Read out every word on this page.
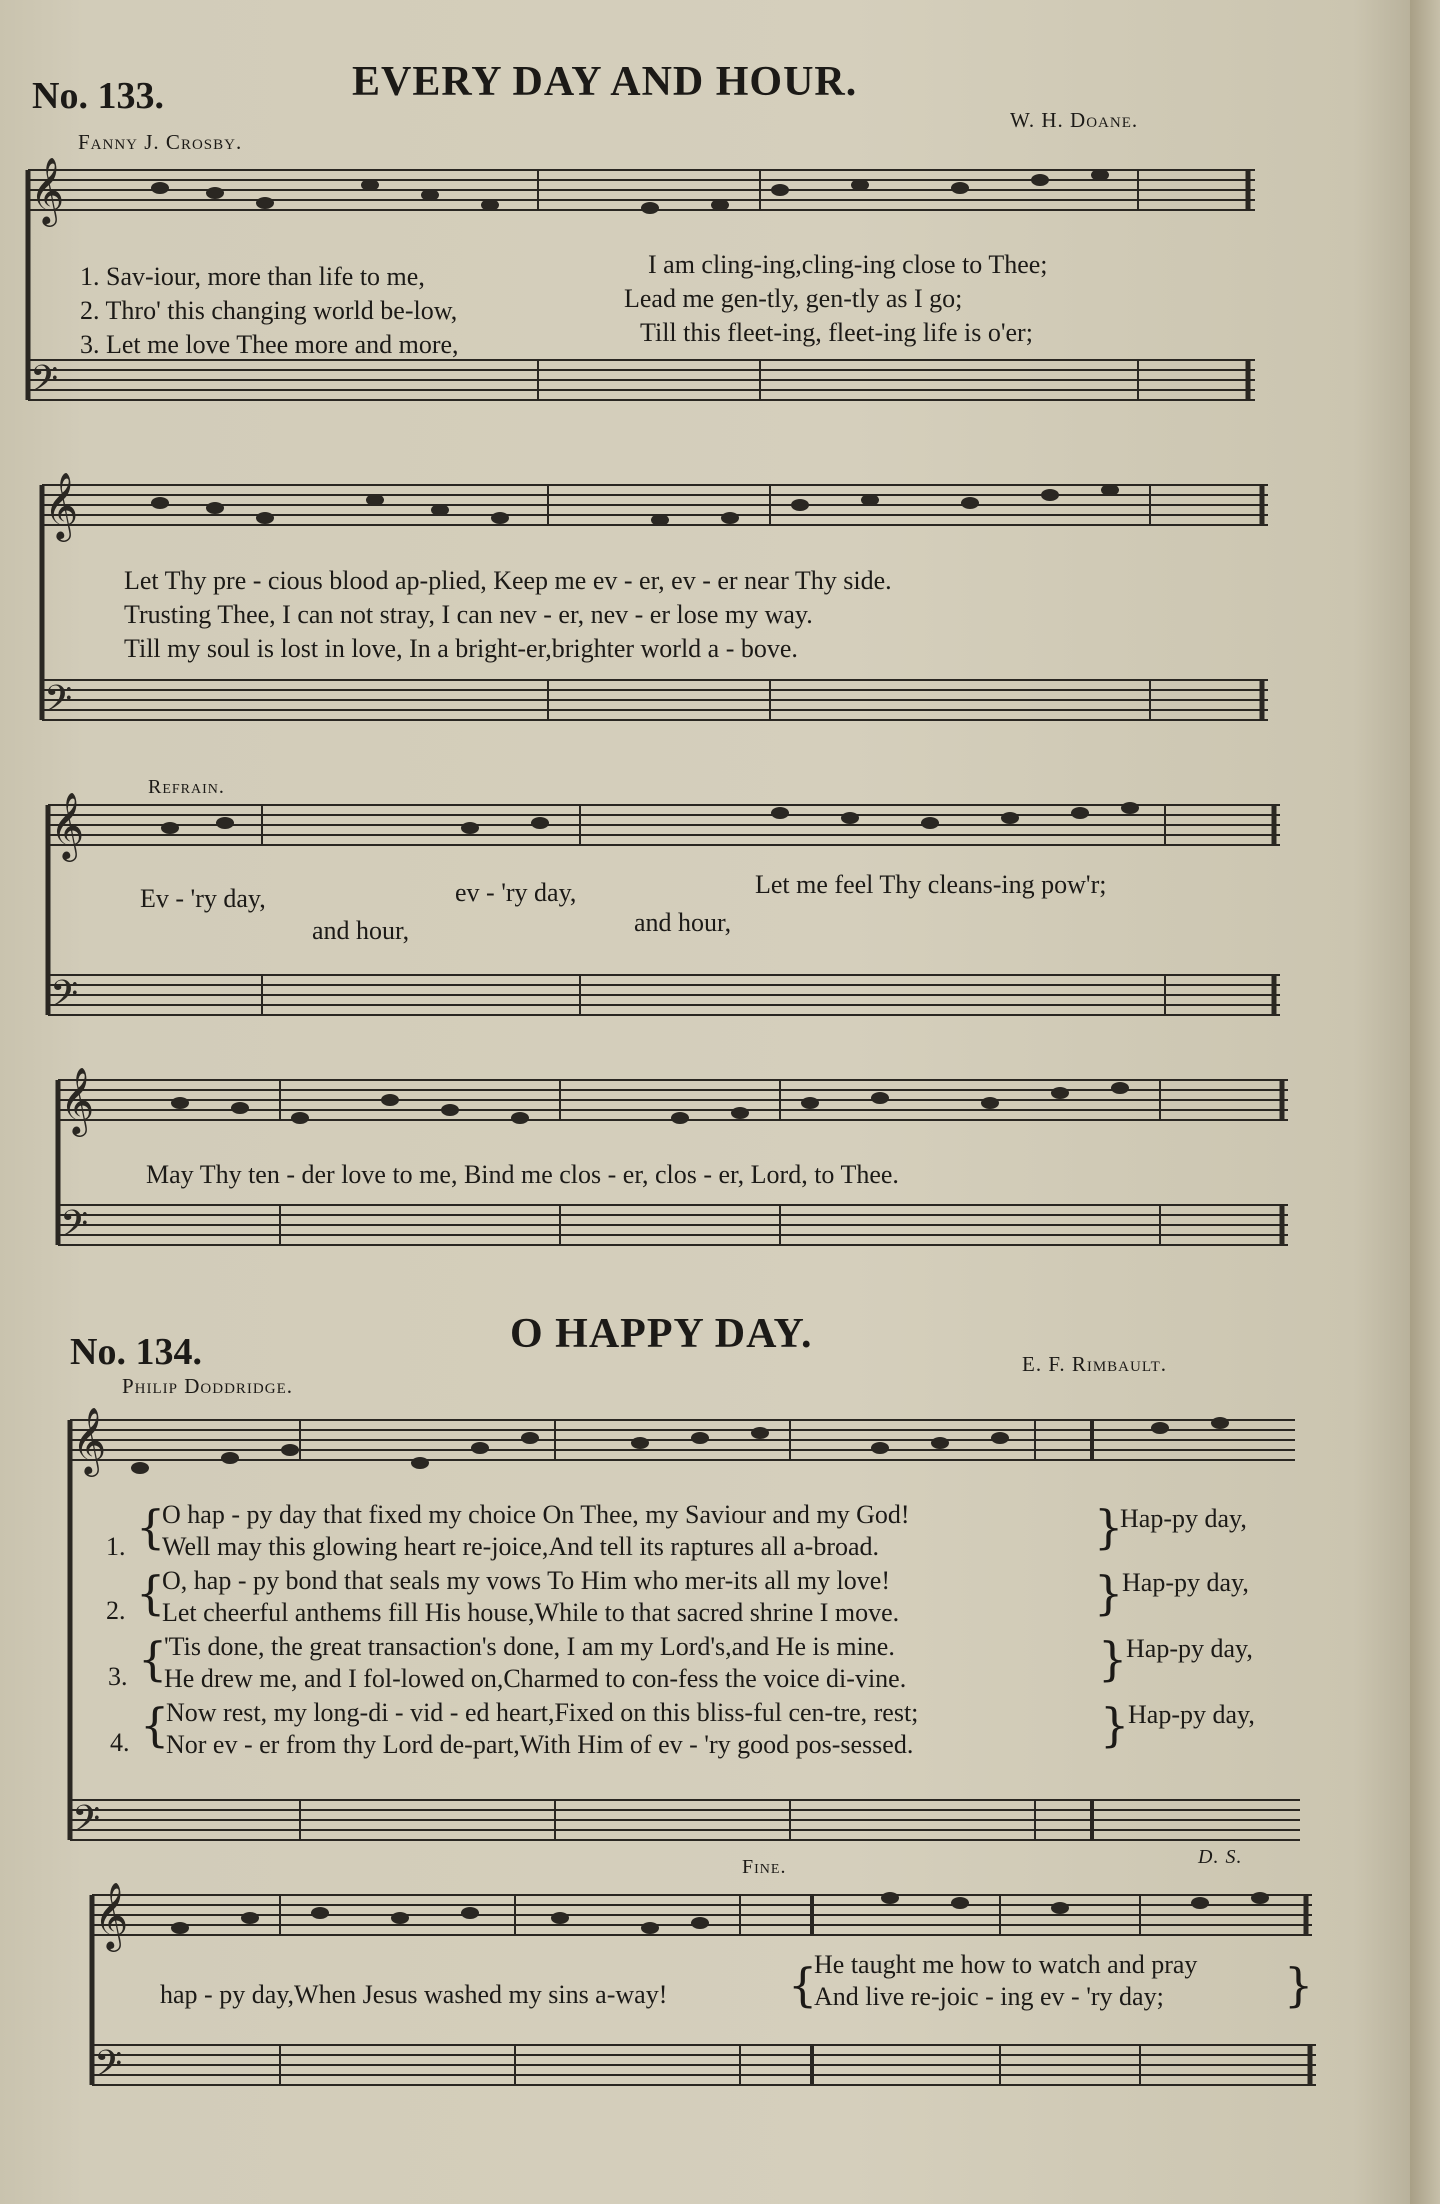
𝄞
𝄢
𝄞
𝄢
𝄞
𝄢
𝄞
𝄢
𝄞
𝄢
𝄞
𝄢
No. 133.	EVERY DAY AND HOUR.
Fanny J. Crosby.
W. H. Doane.
1. Sav-iour, more than life to me,	I am cling-ing,cling-ing close to Thee;
2. Thro' this changing world be-low,	Lead me gen-tly, gen-tly as I go;
3. Let me love Thee more and more,	Till this fleet-ing, fleet-ing life is o'er;
Let Thy pre - cious blood ap-plied, Keep me ev - er, ev - er near Thy side.
Trusting Thee, I can not stray, I can nev - er, nev - er lose my way.
Till my soul is lost in love, In a bright-er,brighter world a - bove.
Refrain.
Ev - 'ry day,	ev - 'ry day,	Let me feel Thy cleans-ing pow'r;
and hour,	and hour,
May Thy ten - der love to me, Bind me clos - er, clos - er, Lord, to Thee.
No. 134.	O HAPPY DAY.
Philip Doddridge.
E. F. Rimbault.
1. {
O hap - py day that fixed my choice On Thee, my Saviour and my God!
Well may this glowing heart re-joice,And tell its raptures all a-broad.	}
Hap-py day,
2. {
O, hap - py bond that seals my vows To Him who mer-its all my love!
Let cheerful anthems fill His house,While to that sacred shrine I move.	}
Hap-py day,
3. {
'Tis done, the great transaction's done, I am my Lord's,and He is mine.
He drew me, and I fol-lowed on,Charmed to con-fess the voice di-vine.	}
Hap-py day,
4. {
Now rest, my long-di - vid - ed heart,Fixed on this bliss-ful cen-tre, rest;
Nor ev - er from thy Lord de-part,With Him of ev - 'ry good pos-sessed.	}
Hap-py day,
Fine.	D. S.
hap - py day,When Jesus washed my sins a-way!	{
He taught me how to watch and pray
And live re-joic - ing ev - 'ry day;	}
